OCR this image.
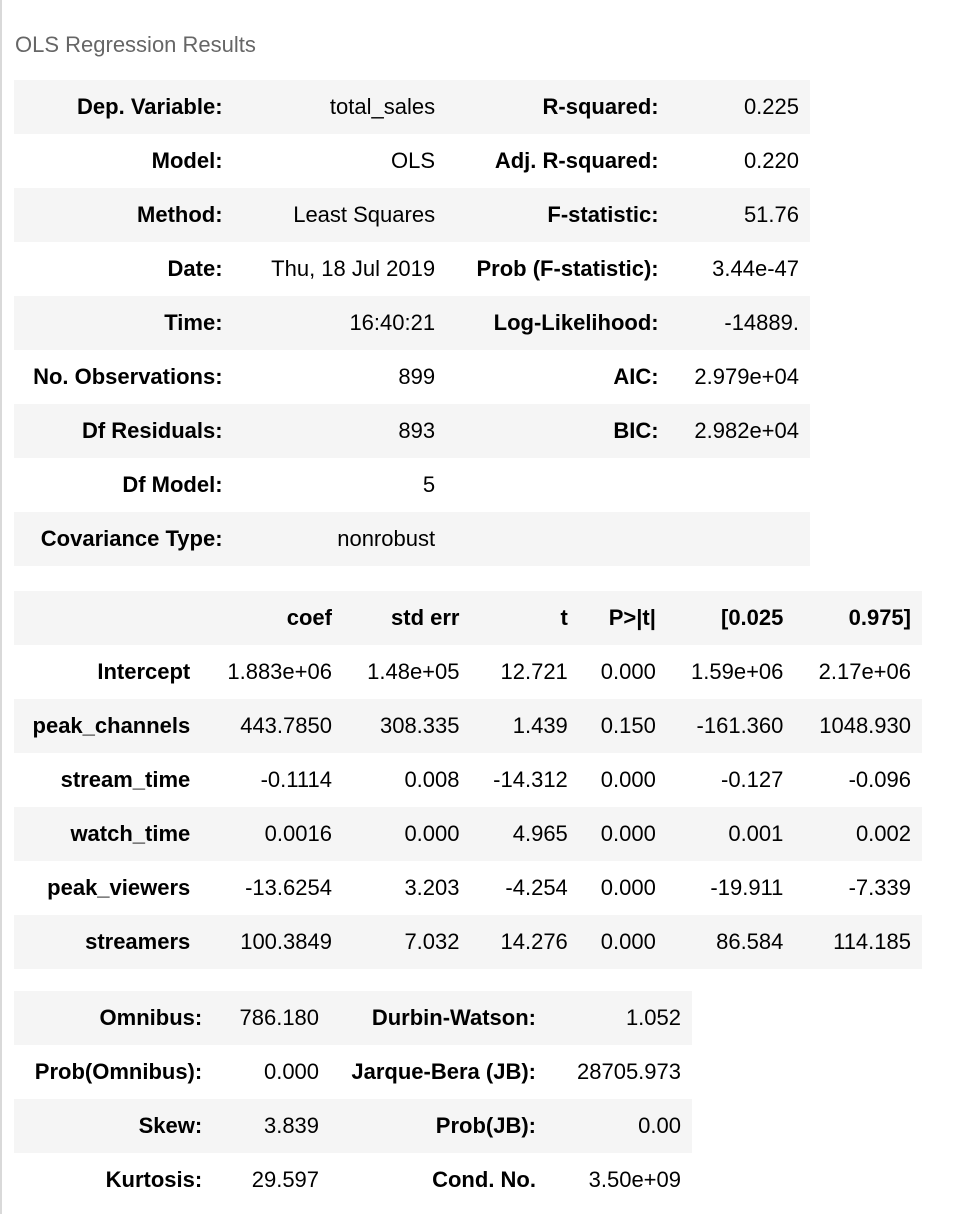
OLS Regression Results
Dep. Variable:	total_sales	R-squared:	0.225
Model:	OLS	Adj. R-squared:	0.220
Method:	Least Squares	F-statistic:	51.76
Date:	Thu, 18 Jul 2019	Prob (F-statistic):	3.44e-47
Time:	16:40:21	Log-Likelihood:	-14889.
No. Observations:	899	AIC:	2.979e+04
Df Residuals:	893	BIC:	2.982e+04
Df Model:	5		
Covariance Type:	nonrobust		
	coef	std err	t	P>|t|	[0.025	0.975]
Intercept	1.883e+06	1.48e+05	12.721	0.000	1.59e+06	2.17e+06
peak_channels	443.7850	308.335	1.439	0.150	-161.360	1048.930
stream_time	-0.1114	0.008	-14.312	0.000	-0.127	-0.096
watch_time	0.0016	0.000	4.965	0.000	0.001	0.002
peak_viewers	-13.6254	3.203	-4.254	0.000	-19.911	-7.339
streamers	100.3849	7.032	14.276	0.000	86.584	114.185
Omnibus:	786.180	Durbin-Watson:	1.052
Prob(Omnibus):	0.000	Jarque-Bera (JB):	28705.973
Skew:	3.839	Prob(JB):	0.00
Kurtosis:	29.597	Cond. No.	3.50e+09
